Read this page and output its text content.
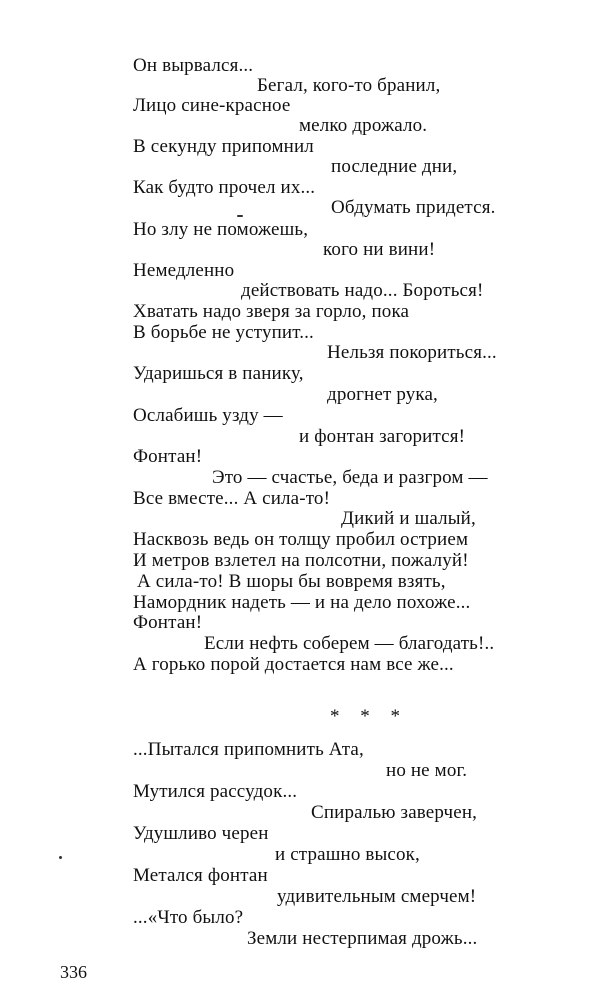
Он вырвался...
Бегал, кого-то бранил,
Лицо сине-красное
мелко дрожало.
В секунду припомнил
последние дни,
Как будто прочел их...
Обдумать придется.
Но злу не поможешь,
кого ни вини!
Немедленно
действовать надо... Бороться!
Хватать надо зверя за горло, пока
В борьбе не уступит...
Нельзя покориться...
Ударишься в панику,
дрогнет рука,
Ослабишь узду —
и фонтан загорится!
Фонтан!
Это — счастье, беда и разгром —
Все вместе... А сила-то!
Дикий и шалый,
Насквозь ведь он толщу пробил острием
И метров взлетел на полсотни, пожалуй!
А сила-то! В шоры бы вовремя взять,
Намордник надеть — и на дело похоже...
Фонтан!
Если нефть соберем — благодать!..
А горько порой достается нам все же...
* * *
...Пытался припомнить Ата,
но не мог.
Мутился рассудок...
Спиралью заверчен,
Удушливо черен
и страшно высок,
Метался фонтан
удивительным смерчем!
...«Что было?
Земли нестерпимая дрожь...
336
